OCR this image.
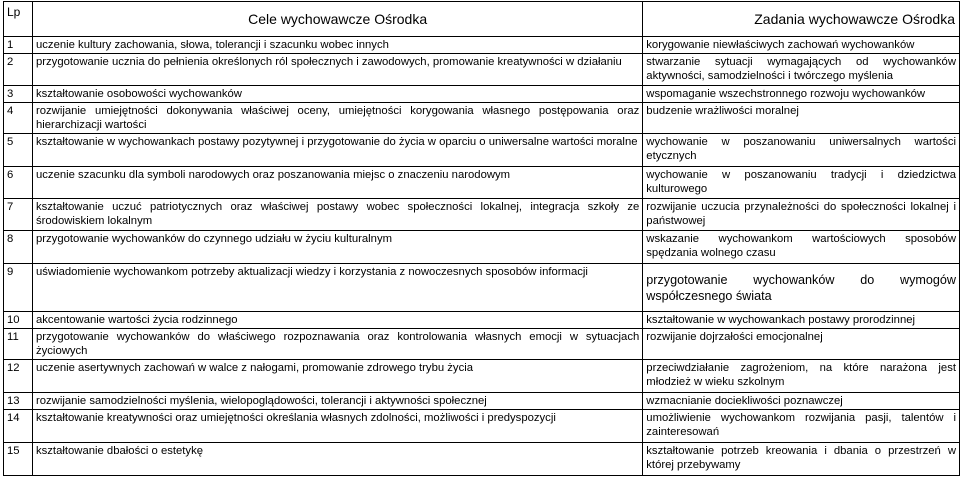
Lp	Cele wychowawcze Ośrodka	Zadania wychowawcze Ośrodka
1	uczenie kultury zachowania, słowa, tolerancji i szacunku wobec innych	korygowanie niewłaściwych zachowań wychowanków
2	przygotowanie ucznia do pełnienia określonych ról społecznych i zawodowych, promowanie kreatywności w działaniu	stwarzanie sytuacji wymagających od wychowanków aktywności, samodzielności i twórczego myślenia
3	kształtowanie osobowości wychowanków	wspomaganie wszechstronnego rozwoju wychowanków
4	rozwijanie umiejętności dokonywania właściwej oceny, umiejętności korygowania własnego postępowania oraz hierarchizacji wartości	budzenie wrażliwości moralnej
5	kształtowanie w wychowankach postawy pozytywnej i przygotowanie do życia w oparciu o uniwersalne wartości moralne	wychowanie w poszanowaniu uniwersalnych wartości etycznych
6	uczenie szacunku dla symboli narodowych oraz poszanowania miejsc o znaczeniu narodowym	wychowanie w poszanowaniu tradycji i dziedzictwa kulturowego
7	kształtowanie uczuć patriotycznych oraz właściwej postawy wobec społeczności lokalnej, integracja szkoły ze środowiskiem lokalnym	rozwijanie uczucia przynależności do społeczności lokalnej i państwowej
8	przygotowanie wychowanków do czynnego udziału w życiu kulturalnym	wskazanie wychowankom wartościowych sposobów spędzania wolnego czasu
9	uświadomienie wychowankom potrzeby aktualizacji wiedzy i korzystania z nowoczesnych sposobów informacji	przygotowanie wychowanków do wymogów współczesnego świata
10	akcentowanie wartości życia rodzinnego	kształtowanie w wychowankach postawy prorodzinnej
11	przygotowanie wychowanków do właściwego rozpoznawania oraz kontrolowania własnych emocji w sytuacjach życiowych	rozwijanie dojrzałości emocjonalnej
12	uczenie asertywnych zachowań w walce z nałogami, promowanie zdrowego trybu życia	przeciwdziałanie zagrożeniom, na które narażona jest młodzież w wieku szkolnym
13	rozwijanie samodzielności myślenia, wielopoglądowości, tolerancji i aktywności społecznej	wzmacnianie dociekliwości poznawczej
14	kształtowanie kreatywności oraz umiejętności określania własnych zdolności, możliwości i predyspozycji	umożliwienie wychowankom rozwijania pasji, talentów i zainteresowań
15	kształtowanie dbałości o estetykę	kształtowanie potrzeb kreowania i dbania o przestrzeń w której przebywamy
